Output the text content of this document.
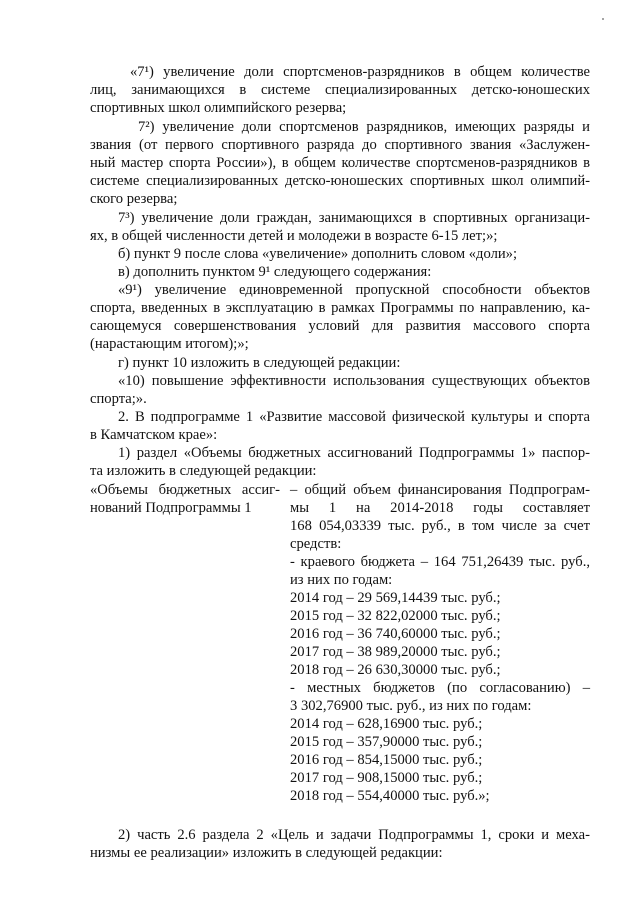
«7¹) увеличение доли спортсменов-разрядников в общем количестве
лиц, занимающихся в системе специализированных детско-юношеских
спортивных школ олимпийского резерва;
7²) увеличение доли спортсменов разрядников, имеющих разряды и
звания (от первого спортивного разряда до спортивного звания «Заслужен-
ный мастер спорта России»), в общем количестве спортсменов-разрядников в
системе специализированных детско-юношеских спортивных школ олимпий-
ского резерва;
7³) увеличение доли граждан, занимающихся в спортивных организаци-
ях, в общей численности детей и молодежи в возрасте 6-15 лет;»;
б) пункт 9 после слова «увеличение» дополнить словом «доли»;
в) дополнить пунктом 9¹ следующего содержания:
«9¹) увеличение единовременной пропускной способности объектов
спорта, введенных в эксплуатацию в рамках Программы по направлению, ка-
сающемуся совершенствования условий для развития массового спорта
(нарастающим итогом);»;
г) пункт 10 изложить в следующей редакции:
«10) повышение эффективности использования существующих объектов
спорта;».
2. В подпрограмме 1 «Развитие массовой физической культуры и спорта
в Камчатском крае»:
1) раздел «Объемы бюджетных ассигнований Подпрограммы 1» паспор-
та изложить в следующей редакции:
«Объемы бюджетных ассиг-
нований Подпрограммы 1
– общий объем финансирования Подпрограм-
мы 1 на 2014-2018 годы составляет
168 054,03339 тыс. руб., в том числе за счет
средств:
- краевого бюджета – 164 751,26439 тыс. руб.,
из них по годам:
2014 год – 29 569,14439 тыс. руб.;
2015 год – 32 822,02000 тыс. руб.;
2016 год – 36 740,60000 тыс. руб.;
2017 год – 38 989,20000 тыс. руб.;
2018 год – 26 630,30000 тыс. руб.;
- местных бюджетов (по согласованию) –
3 302,76900 тыс. руб., из них по годам:
2014 год – 628,16900 тыс. руб.;
2015 год – 357,90000 тыс. руб.;
2016 год – 854,15000 тыс. руб.;
2017 год – 908,15000 тыс. руб.;
2018 год – 554,40000 тыс. руб.»;
2) часть 2.6 раздела 2 «Цель и задачи Подпрограммы 1, сроки и меха-
низмы ее реализации» изложить в следующей редакции:
